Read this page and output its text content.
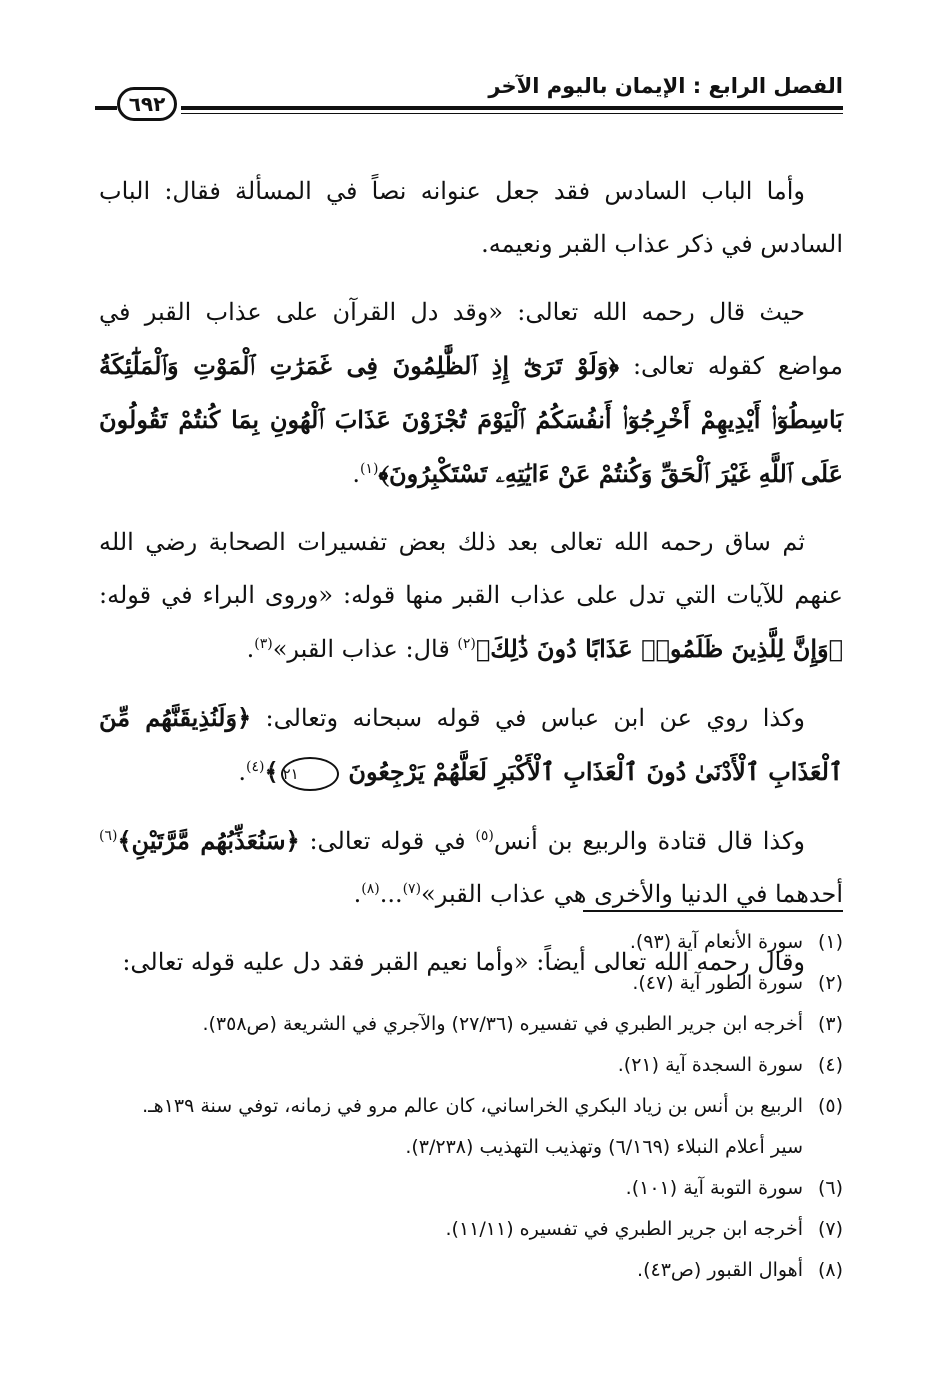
الفصل الرابع : الإيمان باليوم الآخر
٦٩٢

وأما الباب السادس فقد جعل عنوانه نصاً في المسألة فقال: الباب السادس في ذكر عذاب القبر ونعيمه.

حيث قال رحمه الله تعالى: «وقد دل القرآن على عذاب القبر في مواضع كقوله تعالى: ﴿وَلَوْ تَرَىٰٓ إِذِ ٱلظَّٰلِمُونَ فِى غَمَرَٰتِ ٱلْمَوْتِ وَٱلْمَلَٰٓئِكَةُ بَاسِطُوٓا۟ أَيْدِيهِمْ أَخْرِجُوٓا۟ أَنفُسَكُمُ ٱلْيَوْمَ تُجْزَوْنَ عَذَابَ ٱلْهُونِ بِمَا كُنتُمْ تَقُولُونَ عَلَى ٱللَّهِ غَيْرَ ٱلْحَقِّ وَكُنتُمْ عَنْ ءَايَٰتِهِۦ تَسْتَكْبِرُونَ﴾$^{(١)}$.

ثم ساق رحمه الله تعالى بعد ذلك بعض تفسيرات الصحابة رضي الله عنهم للآيات التي تدل على عذاب القبر منها قوله: «وروى البراء في قوله: ﴿وَإِنَّ لِلَّذِينَ ظَلَمُوا۟ عَذَابًا دُونَ ذَٰلِكَ﴾$^{(٢)}$ قال: عذاب القبر»$^{(٣)}$.

وكذا روي عن ابن عباس في قوله سبحانه وتعالى: ﴿وَلَنُذِيقَنَّهُم مِّنَ ٱلْعَذَابِ ٱلْأَدْنَىٰ دُونَ ٱلْعَذَابِ ٱلْأَكْبَرِ لَعَلَّهُمْ يَرْجِعُونَ ٢١﴾$^{(٤)}$.

وكذا قال قتادة والربيع بن أنس$^{(٥)}$ في قوله تعالى: ﴿سَنُعَذِّبُهُم مَّرَّتَيْنِ﴾$^{(٦)}$ أحدهما في الدنيا والأخرى هي عذاب القبر»$^{(٧)}$...$^{(٨)}$.

وقال رحمه الله تعالى أيضاً: «وأما نعيم القبر فقد دل عليه قوله تعالى:

(١)
سورة الأنعام آية (٩٣).
(٢)
سورة الطور آية (٤٧).
(٣)
أخرجه ابن جرير الطبري في تفسيره (٢٧/٣٦) والآجري في الشريعة (ص٣٥٨).
(٤)
سورة السجدة آية (٢١).
(٥)
الربيع بن أنس بن زياد البكري الخراساني، كان عالم مرو في زمانه، توفي سنة ١٣٩هـ.
سير أعلام النبلاء (٦/١٦٩) وتهذيب التهذيب (٣/٢٣٨).
(٦)
سورة التوبة آية (١٠١).
(٧)
أخرجه ابن جرير الطبري في تفسيره (١١/١١).
(٨)
أهوال القبور (ص٤٣).
